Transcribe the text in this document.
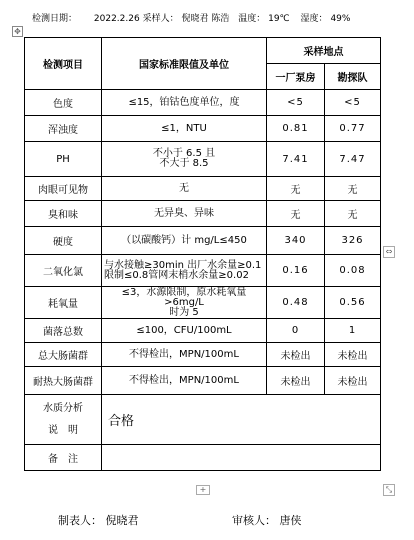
检测日期： 2022.2.26 采样人： 倪晓君 陈浩 温度： 19℃ 湿度： 49%
✥
检测项目	国家标准限值及单位	采样地点	
		一厂泵房	勘探队
色度	≤15，铂钴色度单位，度	<5	<5
浑浊度	≤1，NTU	0.81	0.77
PH	不小于 6.5 且
不大于 8.5	7.41	7.47
肉眼可见物	无	无	无
臭和味	无异臭、异味	无	无
硬度	（以碳酸钙）计 mg/L≤450	340	326
二氧化氯	与水接触≥30min 出厂水余量≥0.1
限制≤0.8管网末梢水余量≥0.02	0.16	0.08
耗氧量	≤3，水源限制，原水耗氧量>6mg/L
时为 5	0.48	0.56
菌落总数	≤100，CFU/100mL	0	1
总大肠菌群	不得检出，MPN/100mL	未检出	未检出
耐热大肠菌群	不得检出，MPN/100mL	未检出	未检出

水质分析
说　明	合格		
备　注			
⇔
⤡
+
制表人： 倪晓君	审核人： 唐侠
